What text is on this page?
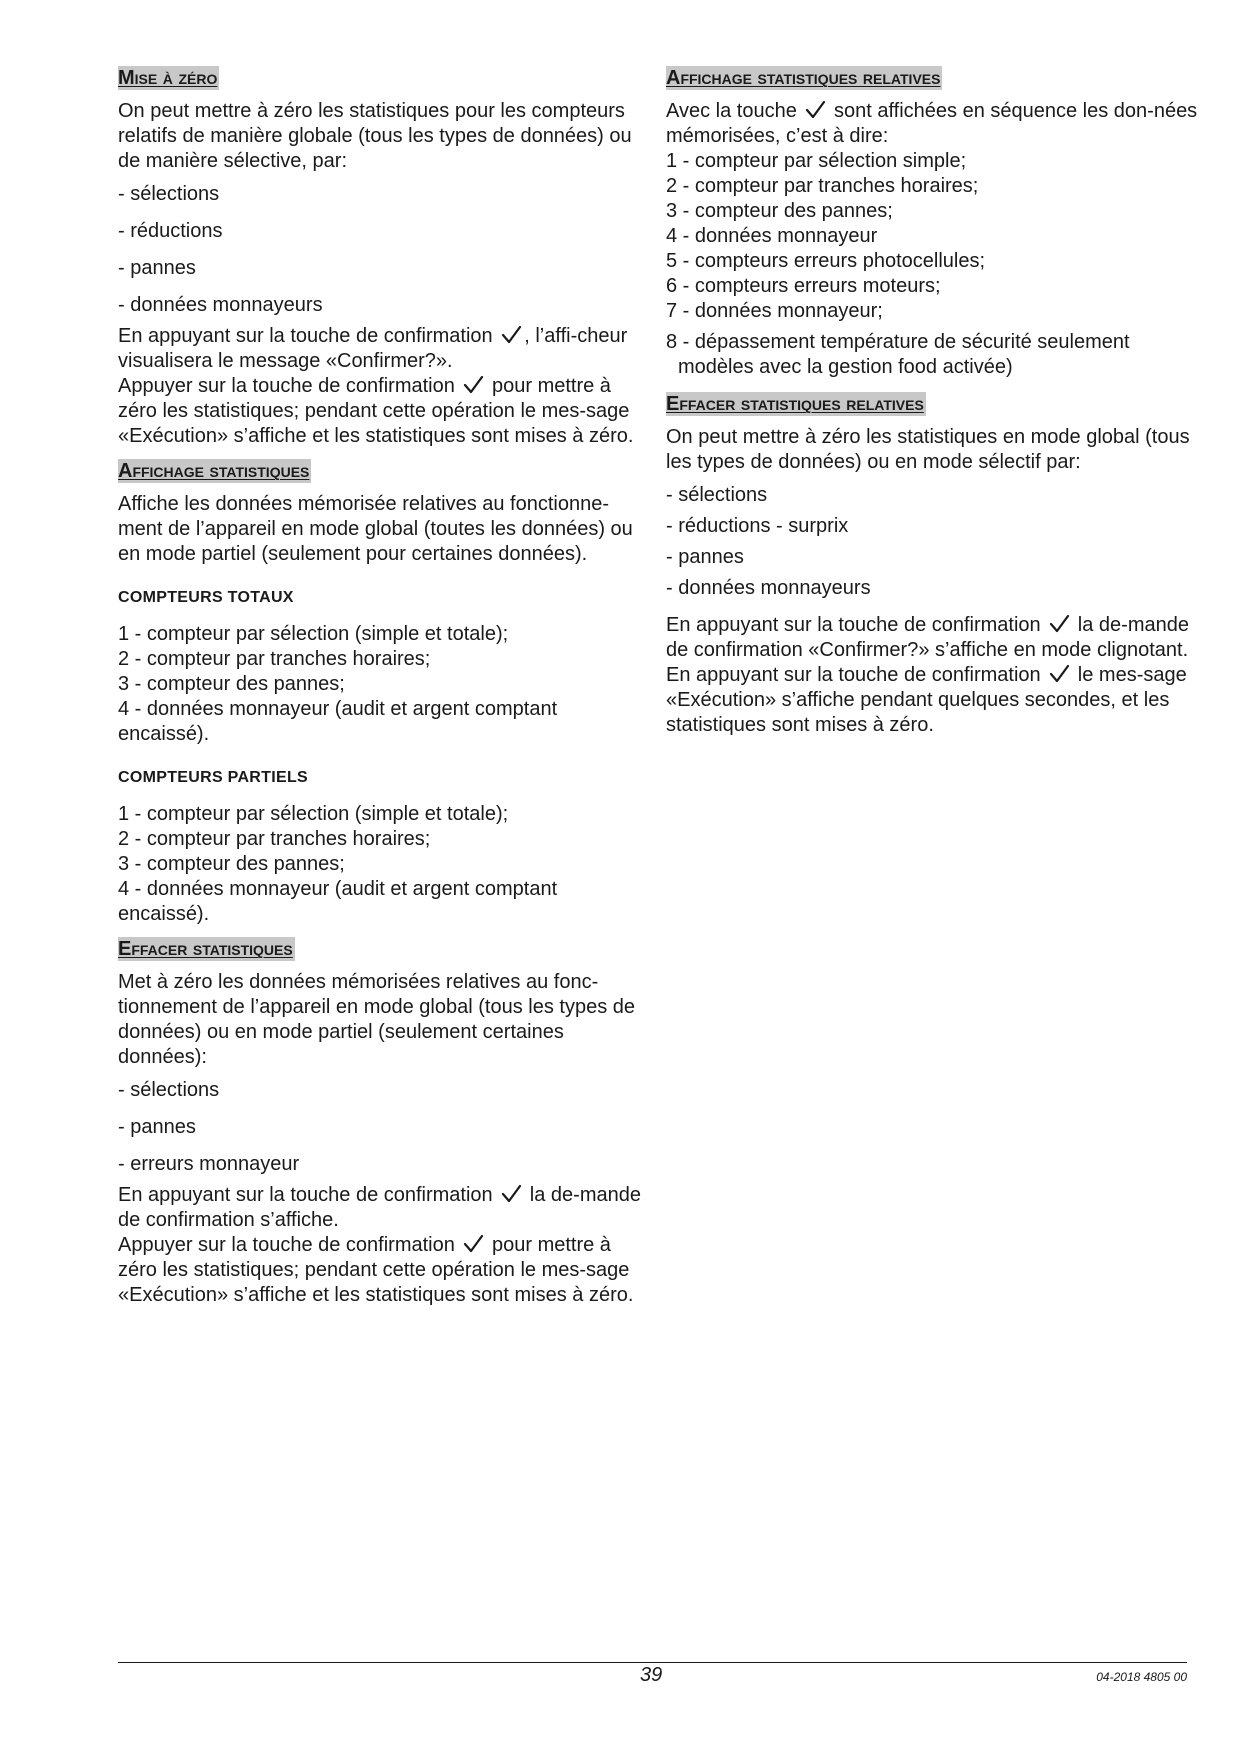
Mise à zéro

On peut mettre à zéro les statistiques pour les compteurs relatifs de manière globale (tous les types de données) ou de manière sélective, par:

- sélections

- réductions

- pannes

- données monnayeurs

En appuyant sur la touche de confirmation , l’affi-cheur visualisera le message «Confirmer?».

Appuyer sur la touche de confirmation
pour mettre à zéro les statistiques; pendant cette opération le mes-sage «Exécution» s’affiche et les statistiques sont mises à zéro.

Affichage statistiques

Affiche les données mémorisée relatives au fonctionne-ment de l’appareil en mode global (toutes les données) ou en mode partiel (seulement pour certaines données).

COMPTEURS TOTAUX

1 - compteur par sélection (simple et totale);

2 - compteur par tranches horaires;

3 - compteur des pannes;

4 - données monnayeur (audit et argent comptant encaissé).

COMPTEURS PARTIELS

1 - compteur par sélection (simple et totale);

2 - compteur par tranches horaires;

3 - compteur des pannes;

4 - données monnayeur (audit et argent comptant encaissé).

Effacer statistiques

Met à zéro les données mémorisées relatives au fonc-tionnement de l’appareil en mode global (tous les types de données) ou en mode partiel (seulement certaines données):

- sélections

- pannes

- erreurs monnayeur

En appuyant sur la touche de confirmation
la de-mande de confirmation s’affiche.

Appuyer sur la touche de confirmation
pour mettre à zéro les statistiques; pendant cette opération le mes-sage «Exécution» s’affiche et les statistiques sont mises à zéro.

Affichage statistiques relatives

Avec la touche
sont affichées en séquence les don-nées mémorisées, c’est à dire:

1 - compteur par sélection simple;

2 - compteur par tranches horaires;

3 - compteur des pannes;

4 - données monnayeur

5 - compteurs erreurs photocellules;

6 - compteurs erreurs moteurs;

7 - données monnayeur;

8 - dépassement température de sécurité seulement modèles avec la gestion food activée)

Effacer statistiques relatives

On peut mettre à zéro les statistiques en mode global (tous les types de données) ou en mode sélectif par:

- sélections

- réductions - surprix

- pannes

- données monnayeurs

En appuyant sur la touche de confirmation
la de-mande de confirmation «Confirmer?» s’affiche en mode clignotant.

En appuyant sur la touche de confirmation
le mes-sage «Exécution» s’affiche pendant quelques secondes, et les statistiques sont mises à zéro.

39	04-2018 4805 00
